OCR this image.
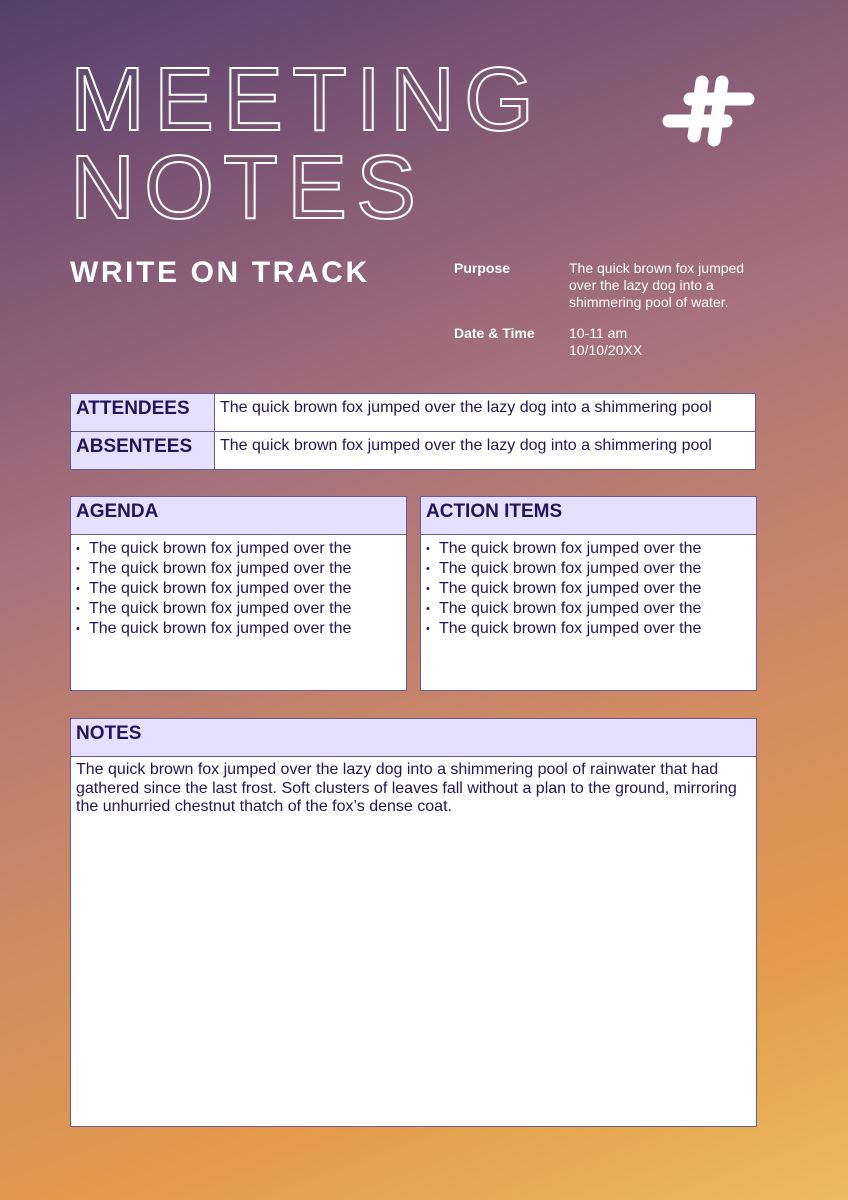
MEETING
NOTES
WRITE ON TRACK	Purpose	The quick brown fox jumped
over the lazy dog into a
shimmering pool of water.
Date & Time	10-11 am
10/10/20XX
ATTENDEES	The quick brown fox jumped over the lazy dog into a shimmering pool
ABSENTEES	The quick brown fox jumped over the lazy dog into a shimmering pool
AGENDA
• The quick brown fox jumped over the
• The quick brown fox jumped over the
• The quick brown fox jumped over the
• The quick brown fox jumped over the
• The quick brown fox jumped over the
ACTION ITEMS
• The quick brown fox jumped over the
• The quick brown fox jumped over the
• The quick brown fox jumped over the
• The quick brown fox jumped over the
• The quick brown fox jumped over the
NOTES
The quick brown fox jumped over the lazy dog into a shimmering pool of rainwater that had
gathered since the last frost. Soft clusters of leaves fall without a plan to the ground, mirroring
the unhurried chestnut thatch of the fox’s dense coat.
